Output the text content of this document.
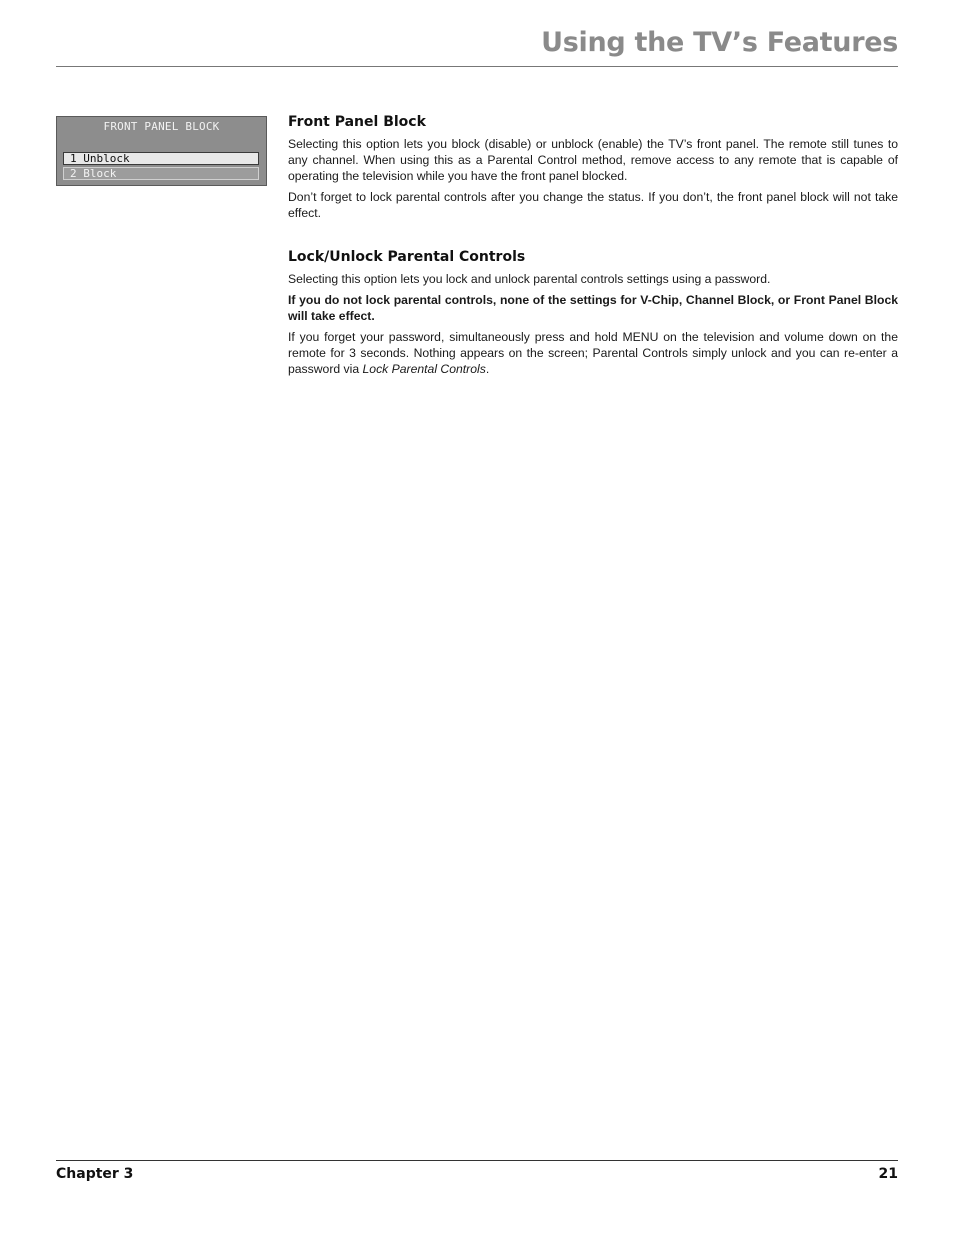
Using the TV’s Features
FRONT PANEL BLOCK
1 Unblock
2 Block
Front Panel Block

Selecting this option lets you block (disable) or unblock (enable) the TV’s front panel. The remote still tunes to any channel. When using this as a Parental Control method, remove access to any remote that is capable of operating the television while you have the front panel blocked.

Don’t forget to lock parental controls after you change the status. If you don’t, the front panel block will not take effect.

Lock/Unlock Parental Controls

Selecting this option lets you lock and unlock parental controls settings using a password.

If you do not lock parental controls, none of the settings for V-Chip, Channel Block, or Front Panel Block will take effect.

If you forget your password, simultaneously press and hold MENU on the television and volume down on the remote for 3 seconds. Nothing appears on the screen; Parental Controls simply unlock and you can re-enter a password via Lock Parental Controls.

Chapter 3	21
